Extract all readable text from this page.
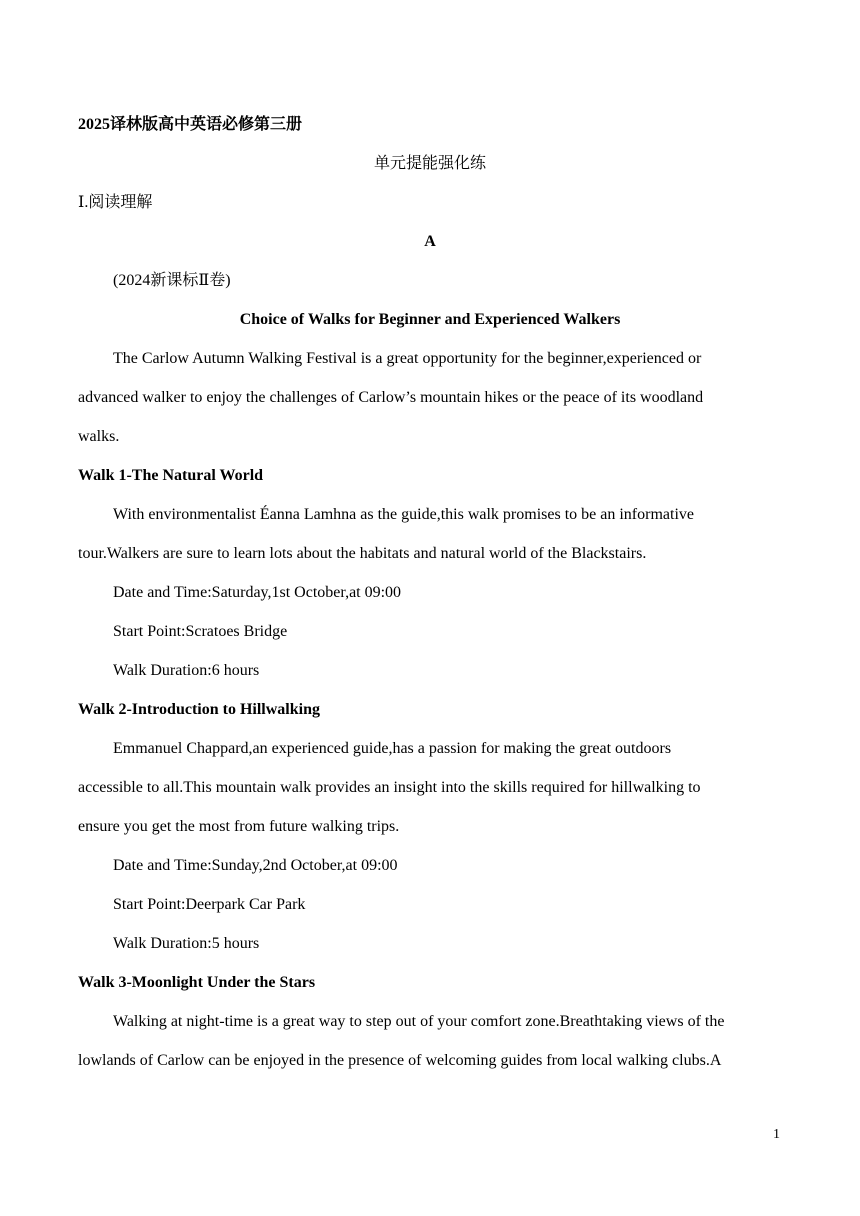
2025译林版高中英语必修第三册
单元提能强化练
Ⅰ.阅读理解
A
(2024新课标Ⅱ卷)
Choice of Walks for Beginner and Experienced Walkers
The Carlow Autumn Walking Festival is a great opportunity for the beginner,experienced or
advanced walker to enjoy the challenges of Carlow’s mountain hikes or the peace of its woodland
walks.
Walk 1-The Natural World
With environmentalist Éanna Lamhna as the guide,this walk promises to be an informative
tour.Walkers are sure to learn lots about the habitats and natural world of the Blackstairs.
Date and Time:Saturday,1st October,at 09:00
Start Point:Scratoes Bridge
Walk Duration:6 hours
Walk 2-Introduction to Hillwalking
Emmanuel Chappard,an experienced guide,has a passion for making the great outdoors
accessible to all.This mountain walk provides an insight into the skills required for hillwalking to
ensure you get the most from future walking trips.
Date and Time:Sunday,2nd October,at 09:00
Start Point:Deerpark Car Park
Walk Duration:5 hours
Walk 3-Moonlight Under the Stars
Walking at night-time is a great way to step out of your comfort zone.Breathtaking views of the
lowlands of Carlow can be enjoyed in the presence of welcoming guides from local walking clubs.A
1
